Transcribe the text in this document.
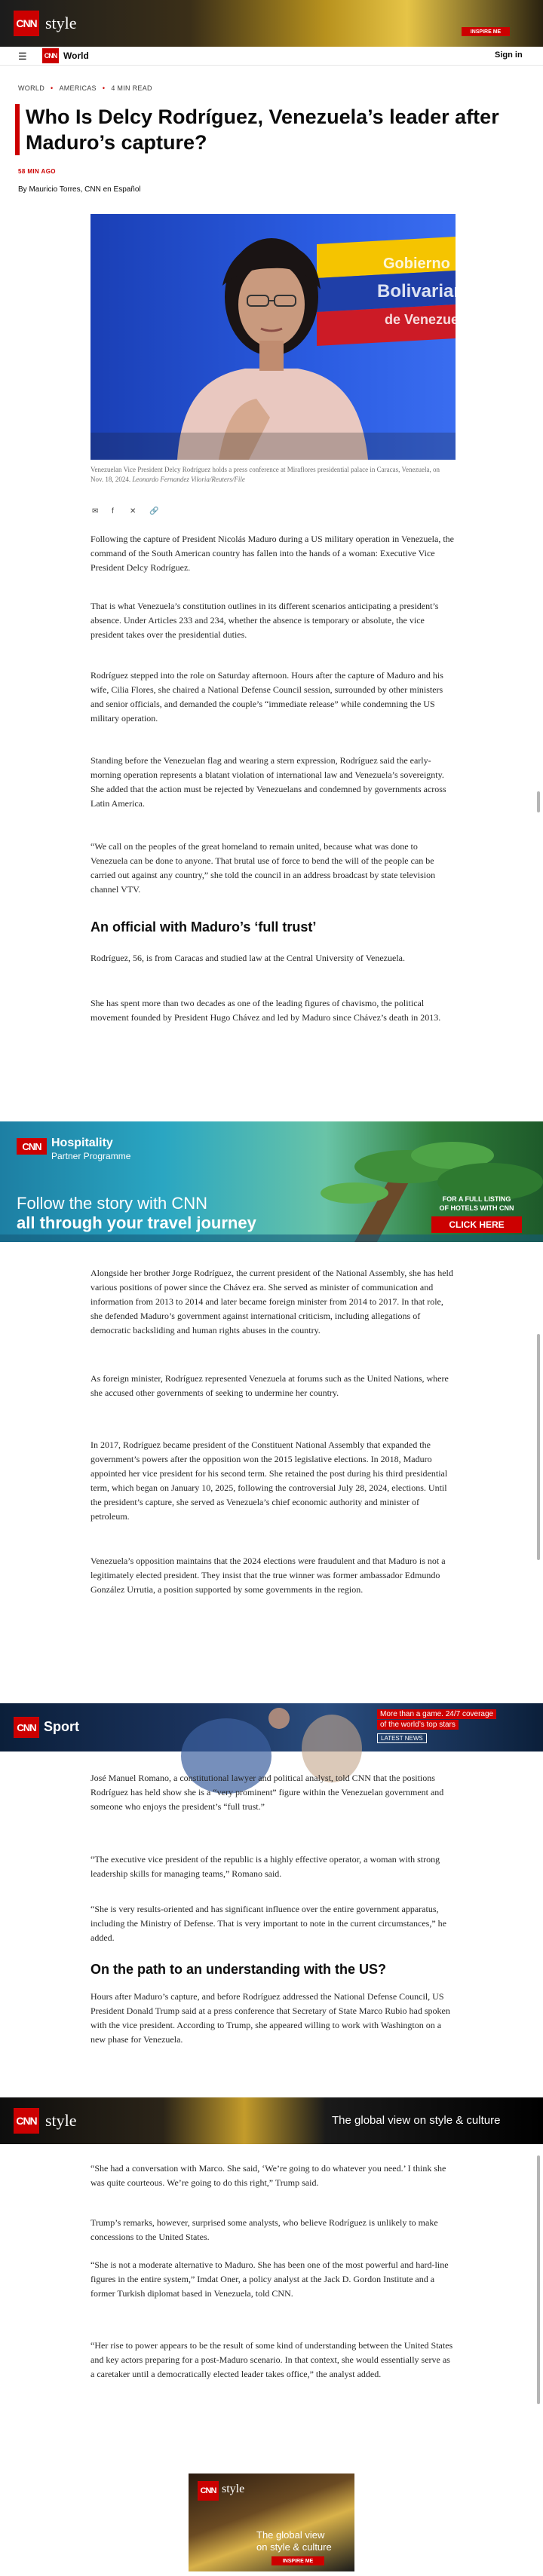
CNN style	INSPIRE ME
☰	CNN World	Sign in
WORLD • AMERICAS • 4 MIN READ
Who Is Delcy Rodríguez, Venezuela’s leader after Maduro’s capture?
58 MIN AGO
By Mauricio Torres, CNN en Español
Gobierno
Bolivariano
de Venezuela

Venezuelan Vice President Delcy Rodríguez holds a press conference at Miraflores presidential palace in Caracas, Venezuela, on Nov. 18, 2024. Leonardo Fernandez Viloria/Reuters/File

✉ f ✕ 🔗

Following the capture of President Nicolás Maduro during a US military operation in Venezuela, the command of the South American country has fallen into the hands of a woman: Executive Vice President Delcy Rodríguez.

That is what Venezuela’s constitution outlines in its different scenarios anticipating a president’s absence. Under Articles 233 and 234, whether the absence is temporary or absolute, the vice president takes over the presidential duties.

Rodríguez stepped into the role on Saturday afternoon. Hours after the capture of Maduro and his wife, Cilia Flores, she chaired a National Defense Council session, surrounded by other ministers and senior officials, and demanded the couple’s “immediate release” while condemning the US military operation.

Standing before the Venezuelan flag and wearing a stern expression, Rodríguez said the early-morning operation represents a blatant violation of international law and Venezuela’s sovereignty. She added that the action must be rejected by Venezuelans and condemned by governments across Latin America.

“We call on the peoples of the great homeland to remain united, because what was done to Venezuela can be done to anyone. That brutal use of force to bend the will of the people can be carried out against any country,” she told the council in an address broadcast by state television channel VTV.

An official with Maduro’s ‘full trust’

Rodríguez, 56, is from Caracas and studied law at the Central University of Venezuela.

She has spent more than two decades as one of the leading figures of chavismo, the political movement founded by President Hugo Chávez and led by Maduro since Chávez’s death in 2013.

CNN Hospitality
Partner Programme
Follow the story with CNN
all through your travel journey
FOR A FULL LISTING
OF HOTELS WITH CNN
CLICK HERE

Alongside her brother Jorge Rodríguez, the current president of the National Assembly, she has held various positions of power since the Chávez era. She served as minister of communication and information from 2013 to 2014 and later became foreign minister from 2014 to 2017. In that role, she defended Maduro’s government against international criticism, including allegations of democratic backsliding and human rights abuses in the country.

As foreign minister, Rodríguez represented Venezuela at forums such as the United Nations, where she accused other governments of seeking to undermine her country.

In 2017, Rodríguez became president of the Constituent National Assembly that expanded the government’s powers after the opposition won the 2015 legislative elections. In 2018, Maduro appointed her vice president for his second term. She retained the post during his third presidential term, which began on January 10, 2025, following the controversial July 28, 2024, elections. Until the president’s capture, she served as Venezuela’s chief economic authority and minister of petroleum.

Venezuela’s opposition maintains that the 2024 elections were fraudulent and that Maduro is not a legitimately elected president. They insist that the true winner was former ambassador Edmundo González Urrutia, a position supported by some governments in the region.

CNN Sport
More than a game. 24/7 coverage
of the world’s top stars
LATEST NEWS

José Manuel Romano, a constitutional lawyer and political analyst, told CNN that the positions Rodríguez has held show she is a “very prominent” figure within the Venezuelan government and someone who enjoys the president’s “full trust.”

“The executive vice president of the republic is a highly effective operator, a woman with strong leadership skills for managing teams,” Romano said.

“She is very results-oriented and has significant influence over the entire government apparatus, including the Ministry of Defense. That is very important to note in the current circumstances,” he added.

On the path to an understanding with the US?

Hours after Maduro’s capture, and before Rodríguez addressed the National Defense Council, US President Donald Trump said at a press conference that Secretary of State Marco Rubio had spoken with the vice president. According to Trump, she appeared willing to work with Washington on a new phase for Venezuela.

CNN style	The global view on style & culture

“She had a conversation with Marco. She said, ‘We’re going to do whatever you need.’ I think she was quite courteous. We’re going to do this right,” Trump said.

Trump’s remarks, however, surprised some analysts, who believe Rodríguez is unlikely to make concessions to the United States.

“She is not a moderate alternative to Maduro. She has been one of the most powerful and hard-line figures in the entire system,” Imdat Oner, a policy analyst at the Jack D. Gordon Institute and a former Turkish diplomat based in Venezuela, told CNN.

“Her rise to power appears to be the result of some kind of understanding between the United States and key actors preparing for a post-Maduro scenario. In that context, she would essentially serve as a caretaker until a democratically elected leader takes office,” the analyst added.

CNN style
The global view
on style & culture
INSPIRE ME
